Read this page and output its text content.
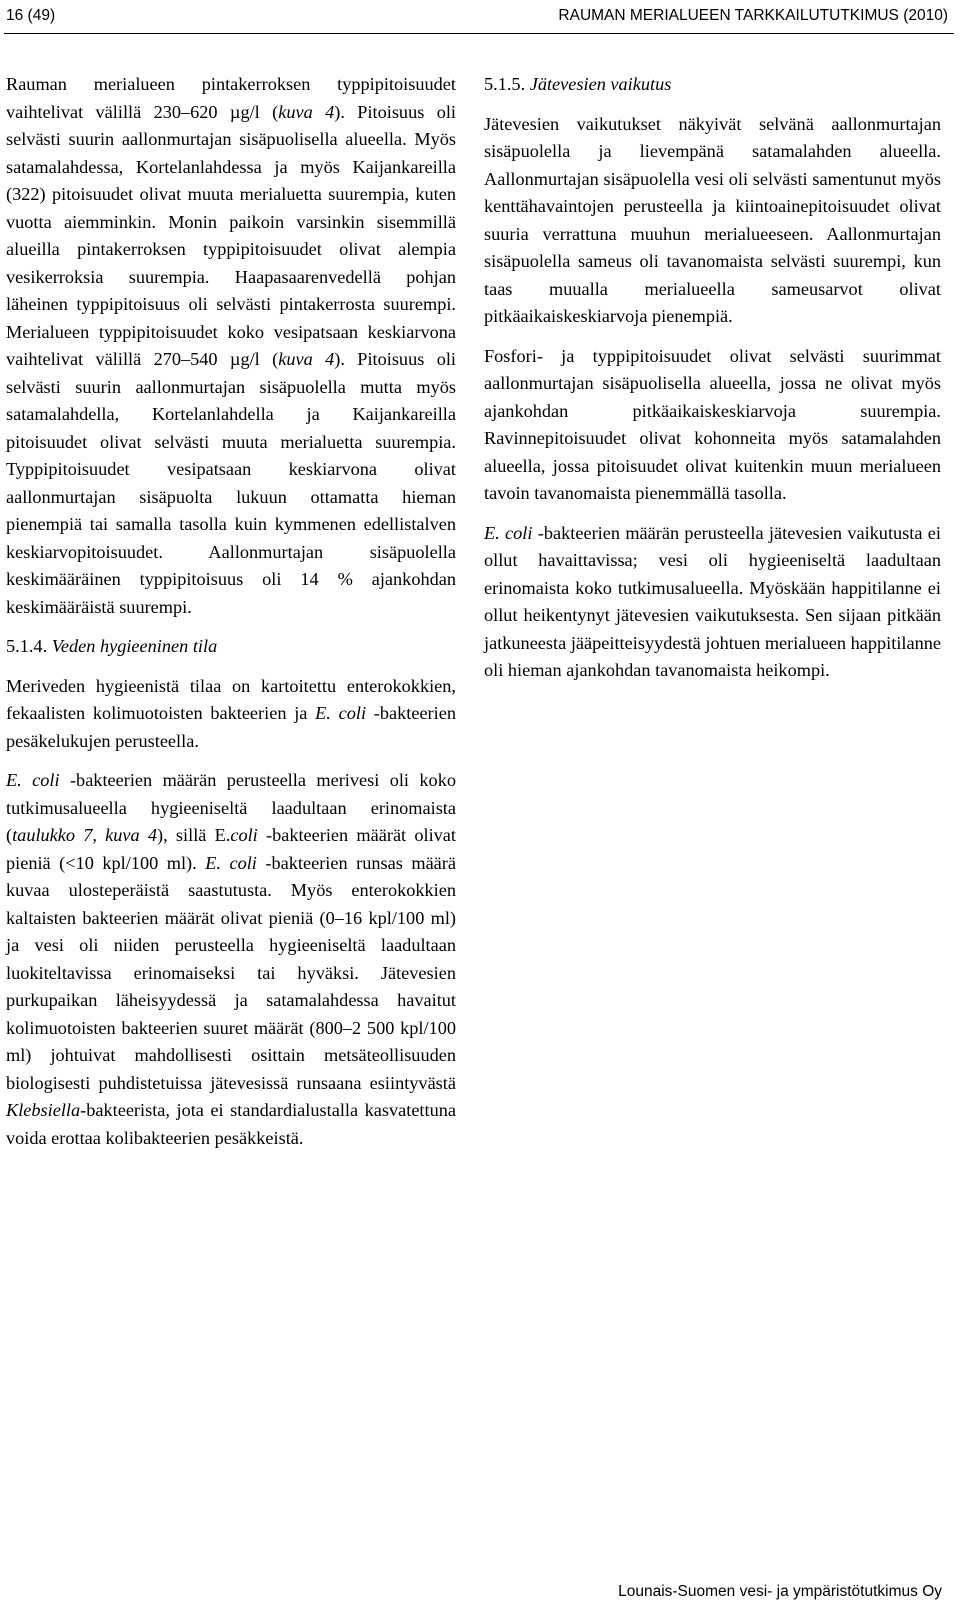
16 (49)	RAUMAN MERIALUEEN TARKKAILUTUTKIMUS (2010)

Rauman merialueen pintakerroksen typpipitoisuudet vaihtelivat välillä 230–620 µg/l (kuva 4). Pitoisuus oli selvästi suurin aallonmurtajan sisäpuolisella alueella. Myös satamalahdessa, Kortelanlahdessa ja myös Kaijankareilla (322) pitoisuudet olivat muuta merialuetta suurempia, kuten vuotta aiemminkin. Monin paikoin varsinkin sisemmillä alueilla pintakerroksen typpipitoisuudet olivat alempia vesikerroksia suurempia. Haapasaarenvedellä pohjan läheinen typpipitoisuus oli selvästi pintakerrosta suurempi. Merialueen typpipitoisuudet koko vesipatsaan keskiarvona vaihtelivat välillä 270–540 µg/l (kuva 4). Pitoisuus oli selvästi suurin aallonmurtajan sisäpuolella mutta myös satamalahdella, Kortelanlahdella ja Kaijankareilla pitoisuudet olivat selvästi muuta merialuetta suurempia. Typpipitoisuudet vesipatsaan keskiarvona olivat aallonmurtajan sisäpuolta lukuun ottamatta hieman pienempiä tai samalla tasolla kuin kymmenen edellistalven keskiarvopitoisuudet. Aallonmurtajan sisäpuolella keskimääräinen typpipitoisuus oli 14 % ajankohdan keskimääräistä suurempi.

5.1.4. Veden hygieeninen tila

Meriveden hygieenistä tilaa on kartoitettu enterokokkien, fekaalisten kolimuotoisten bakteerien ja E. coli -bakteerien pesäkelukujen perusteella.

E. coli -bakteerien määrän perusteella merivesi oli koko tutkimusalueella hygieeniseltä laadultaan erinomaista (taulukko 7, kuva 4), sillä E.coli -bakteerien määrät olivat pieniä (<10 kpl/100 ml). E. coli -bakteerien runsas määrä kuvaa ulosteperäistä saastutusta. Myös enterokokkien kaltaisten bakteerien määrät olivat pieniä (0–16 kpl/100 ml) ja vesi oli niiden perusteella hygieeniseltä laadultaan luokiteltavissa erinomaiseksi tai hyväksi. Jätevesien purkupaikan läheisyydessä ja satamalahdessa havaitut kolimuotoisten bakteerien suuret määrät (800–2 500 kpl/100 ml) johtuivat mahdollisesti osittain metsäteollisuuden biologisesti puhdistetuissa jätevesissä runsaana esiintyvästä Klebsiella-bakteerista, jota ei standardialustalla kasvatettuna voida erottaa kolibakteerien pesäkkeistä.

5.1.5. Jätevesien vaikutus

Jätevesien vaikutukset näkyivät selvänä aallonmurtajan sisäpuolella ja lievempänä satamalahden alueella. Aallonmurtajan sisäpuolella vesi oli selvästi samentunut myös kenttähavaintojen perusteella ja kiintoainepitoisuudet olivat suuria verrattuna muuhun merialueeseen. Aallonmurtajan sisäpuolella sameus oli tavanomaista selvästi suurempi, kun taas muualla merialueella sameusarvot olivat pitkäaikaiskeskiarvoja pienempiä.

Fosfori- ja typpipitoisuudet olivat selvästi suurimmat aallonmurtajan sisäpuolisella alueella, jossa ne olivat myös ajankohdan pitkäaikaiskeskiarvoja suurempia. Ravinnepitoisuudet olivat kohonneita myös satamalahden alueella, jossa pitoisuudet olivat kuitenkin muun merialueen tavoin tavanomaista pienemmällä tasolla.

E. coli -bakteerien määrän perusteella jätevesien vaikutusta ei ollut havaittavissa; vesi oli hygieeniseltä laadultaan erinomaista koko tutkimusalueella. Myöskään happitilanne ei ollut heikentynyt jätevesien vaikutuksesta. Sen sijaan pitkään jatkuneesta jääpeitteisyydestä johtuen merialueen happitilanne oli hieman ajankohdan tavanomaista heikompi.

Lounais-Suomen vesi- ja ympäristötutkimus Oy
